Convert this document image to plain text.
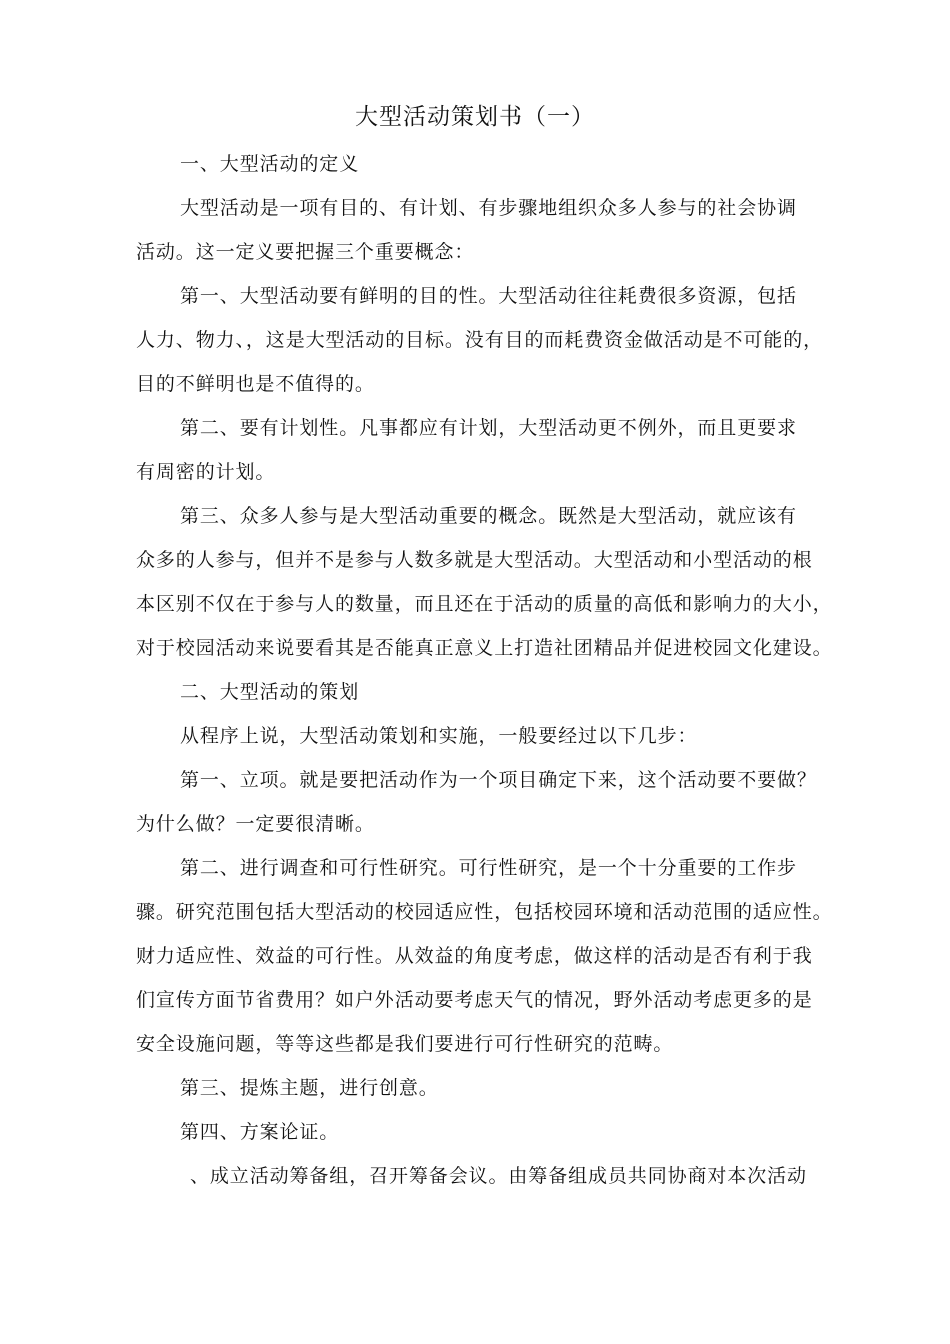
大型活动策划书（一）
一、大型活动的定义
大型活动是一项有目的、有计划、有步骤地组织众多人参与的社会协调
活动。这一定义要把握三个重要概念：
第一、大型活动要有鲜明的目的性。大型活动往往耗费很多资源，包括
人力、物力、，这是大型活动的目标。没有目的而耗费资金做活动是不可能的，
目的不鲜明也是不值得的。
第二、要有计划性。凡事都应有计划，大型活动更不例外，而且更要求
有周密的计划。
第三、众多人参与是大型活动重要的概念。既然是大型活动，就应该有
众多的人参与，但并不是参与人数多就是大型活动。大型活动和小型活动的根
本区别不仅在于参与人的数量，而且还在于活动的质量的高低和影响力的大小，
对于校园活动来说要看其是否能真正意义上打造社团精品并促进校园文化建设。
二、大型活动的策划
从程序上说，大型活动策划和实施，一般要经过以下几步：
第一、立项。就是要把活动作为一个项目确定下来，这个活动要不要做？
为什么做？一定要很清晰。
第二、进行调查和可行性研究。可行性研究，是一个十分重要的工作步
骤。研究范围包括大型活动的校园适应性，包括校园环境和活动范围的适应性。
财力适应性、效益的可行性。从效益的角度考虑，做这样的活动是否有利于我
们宣传方面节省费用？如户外活动要考虑天气的情况，野外活动考虑更多的是
安全设施问题，等等这些都是我们要进行可行性研究的范畴。
第三、提炼主题，进行创意。
第四、方案论证。
、成立活动筹备组，召开筹备会议。由筹备组成员共同协商对本次活动
